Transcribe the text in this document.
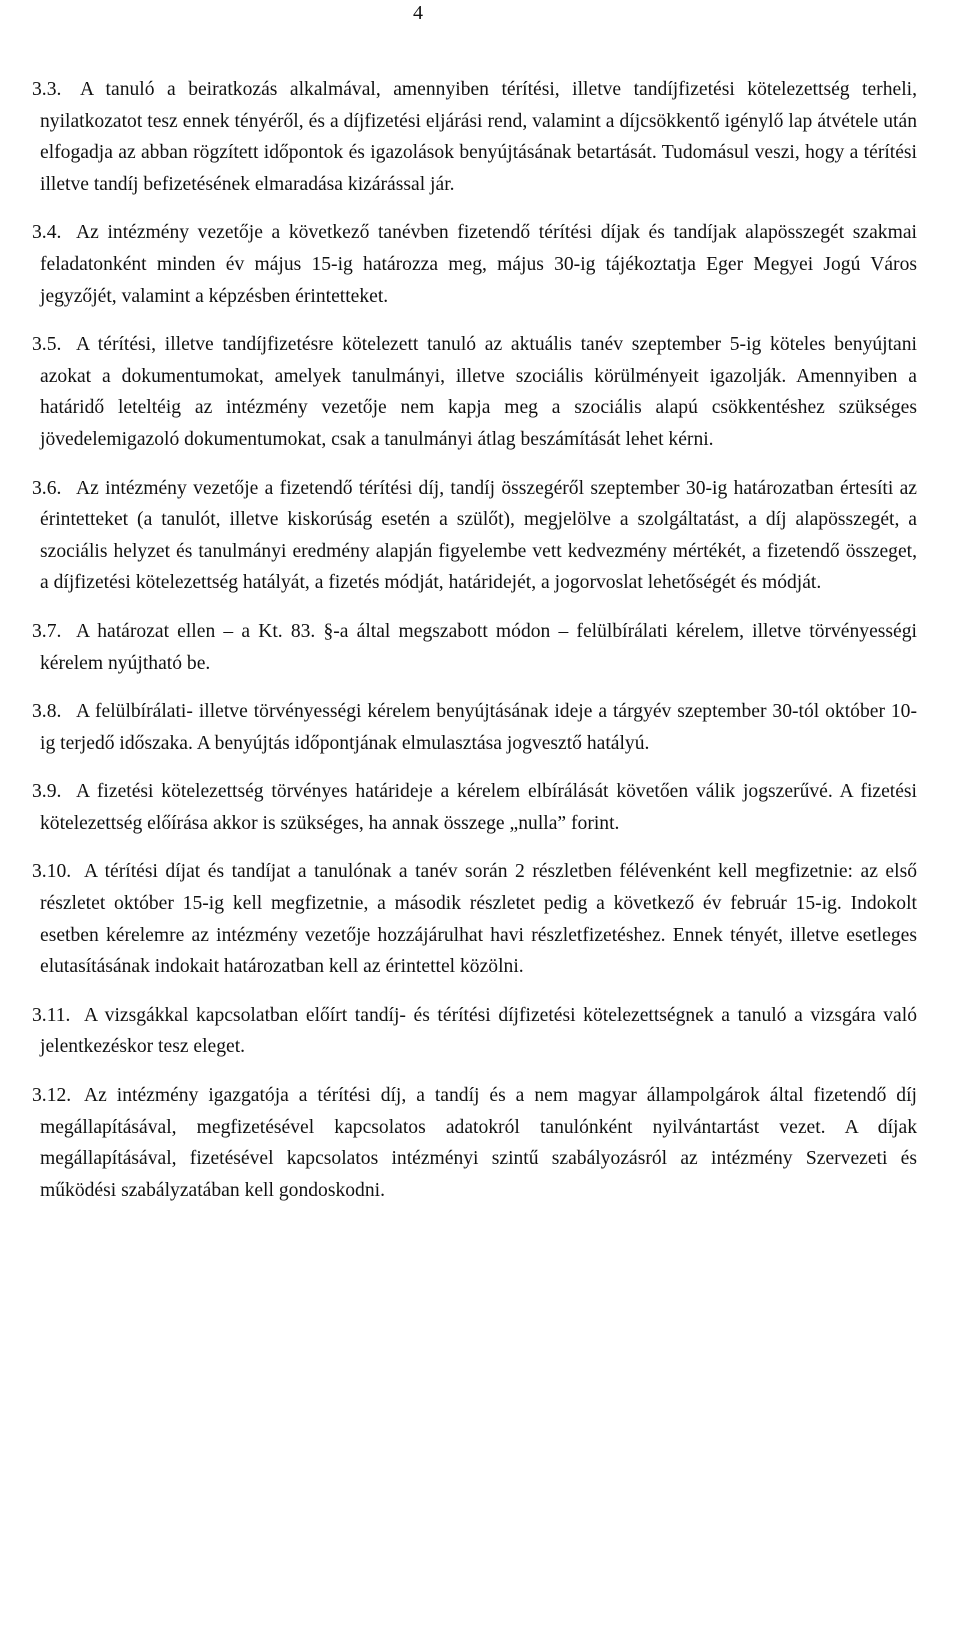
4

3.3. A tanuló a beiratkozás alkalmával, amennyiben térítési, illetve tandíjfizetési kötelezettség terheli, nyilatkozatot tesz ennek tényéről, és a díjfizetési eljárási rend, valamint a díjcsökkentő igénylő lap átvétele után elfogadja az abban rögzített időpontok és igazolások benyújtásának betartását. Tudomásul veszi, hogy a térítési illetve tandíj befizetésének elmaradása kizárással jár.

3.4. Az intézmény vezetője a következő tanévben fizetendő térítési díjak és tandíjak alapösszegét szakmai feladatonként minden év május 15-ig határozza meg, május 30-ig tájékoztatja Eger Megyei Jogú Város jegyzőjét, valamint a képzésben érintetteket.

3.5. A térítési, illetve tandíjfizetésre kötelezett tanuló az aktuális tanév szeptember 5-ig köteles benyújtani azokat a dokumentumokat, amelyek tanulmányi, illetve szociális körülményeit igazolják. Amennyiben a határidő leteltéig az intézmény vezetője nem kapja meg a szociális alapú csökkentéshez szükséges jövedelemigazoló dokumentumokat, csak a tanulmányi átlag beszámítását lehet kérni.

3.6. Az intézmény vezetője a fizetendő térítési díj, tandíj összegéről szeptember 30-ig határozatban értesíti az érintetteket (a tanulót, illetve kiskorúság esetén a szülőt), megjelölve a szolgáltatást, a díj alapösszegét, a szociális helyzet és tanulmányi eredmény alapján figyelembe vett kedvezmény mértékét, a fizetendő összeget, a díjfizetési kötelezettség hatályát, a fizetés módját, határidejét, a jogorvoslat lehetőségét és módját.

3.7. A határozat ellen – a Kt. 83. §-a által megszabott módon – felülbírálati kérelem, illetve törvényességi kérelem nyújtható be.

3.8. A felülbírálati- illetve törvényességi kérelem benyújtásának ideje a tárgyév szeptember 30-tól október 10-ig terjedő időszaka. A benyújtás időpontjának elmulasztása jogvesztő hatályú.

3.9. A fizetési kötelezettség törvényes határideje a kérelem elbírálását követően válik jogszerűvé. A fizetési kötelezettség előírása akkor is szükséges, ha annak összege „nulla” forint.

3.10. A térítési díjat és tandíjat a tanulónak a tanév során 2 részletben félévenként kell megfizetnie: az első részletet október 15-ig kell megfizetnie, a második részletet pedig a következő év február 15-ig. Indokolt esetben kérelemre az intézmény vezetője hozzájárulhat havi részletfizetéshez. Ennek tényét, illetve esetleges elutasításának indokait határozatban kell az érintettel közölni.

3.11. A vizsgákkal kapcsolatban előírt tandíj- és térítési díjfizetési kötelezettségnek a tanuló a vizsgára való jelentkezéskor tesz eleget.

3.12. Az intézmény igazgatója a térítési díj, a tandíj és a nem magyar állampolgárok által fizetendő díj megállapításával, megfizetésével kapcsolatos adatokról tanulónként nyilvántartást vezet. A díjak megállapításával, fizetésével kapcsolatos intézményi szintű szabályozásról az intézmény Szervezeti és működési szabályzatában kell gondoskodni.
